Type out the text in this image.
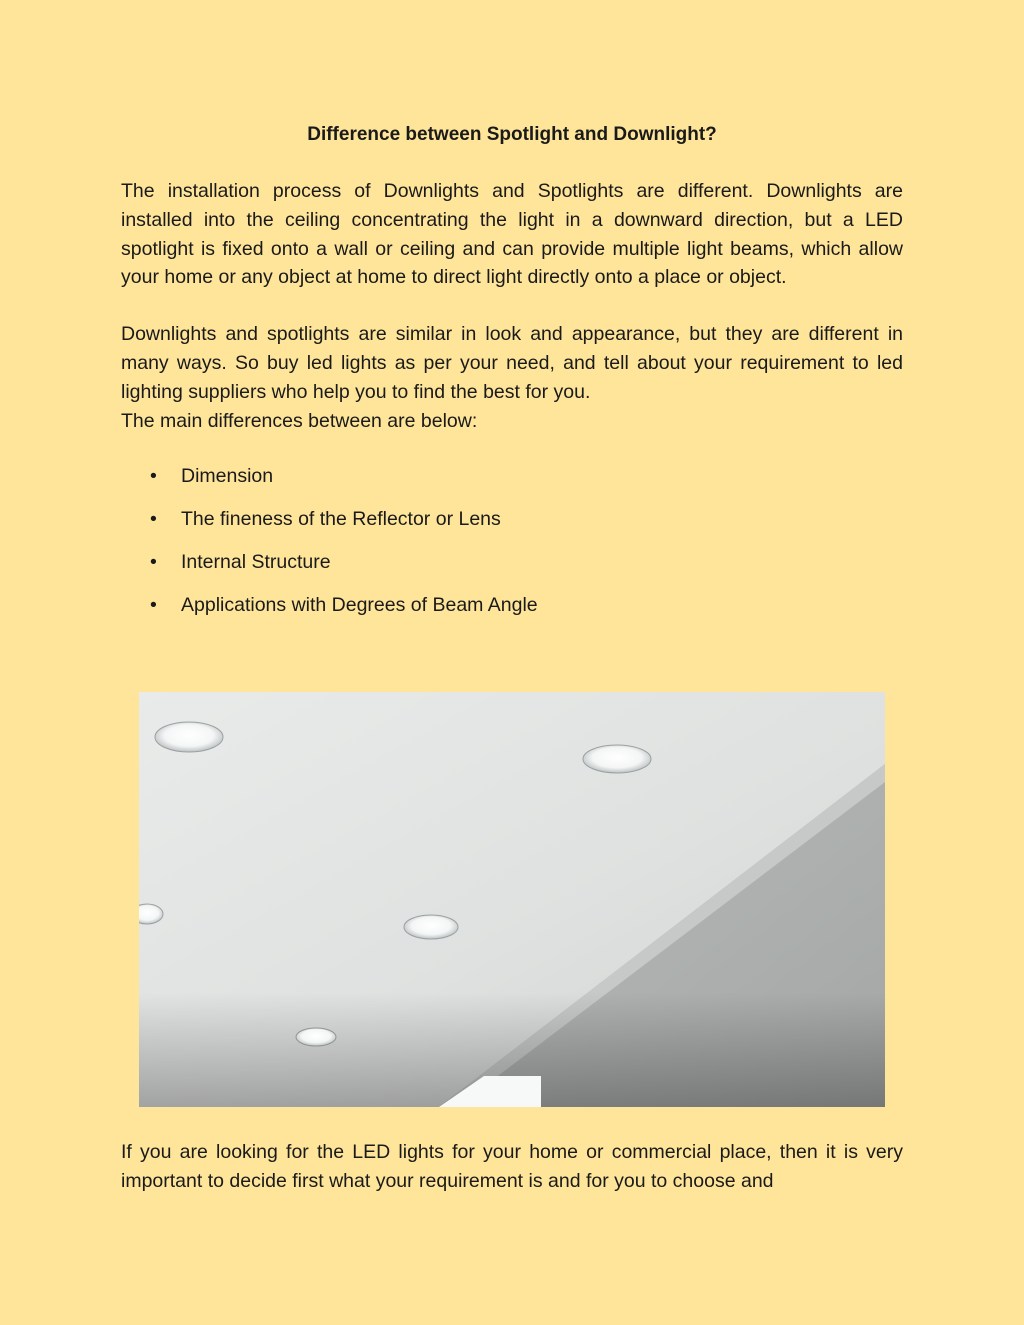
Difference between Spotlight and Downlight?

The installation process of Downlights and Spotlights are different. Downlights are installed into the ceiling concentrating the light in a downward direction, but a LED spotlight is fixed onto a wall or ceiling and can provide multiple light beams, which allow your home or any object at home to direct light directly onto a place or object.

Downlights and spotlights are similar in look and appearance, but they are different in many ways. So buy led lights as per your need, and tell about your requirement to led lighting suppliers who help you to find the best for you.

The main differences between are below:

• Dimension
• The fineness of the Reflector or Lens
• Internal Structure
• Applications with Degrees of Beam Angle

If you are looking for the LED lights for your home or commercial place, then it is very important to decide first what your requirement is and for you to choose and
